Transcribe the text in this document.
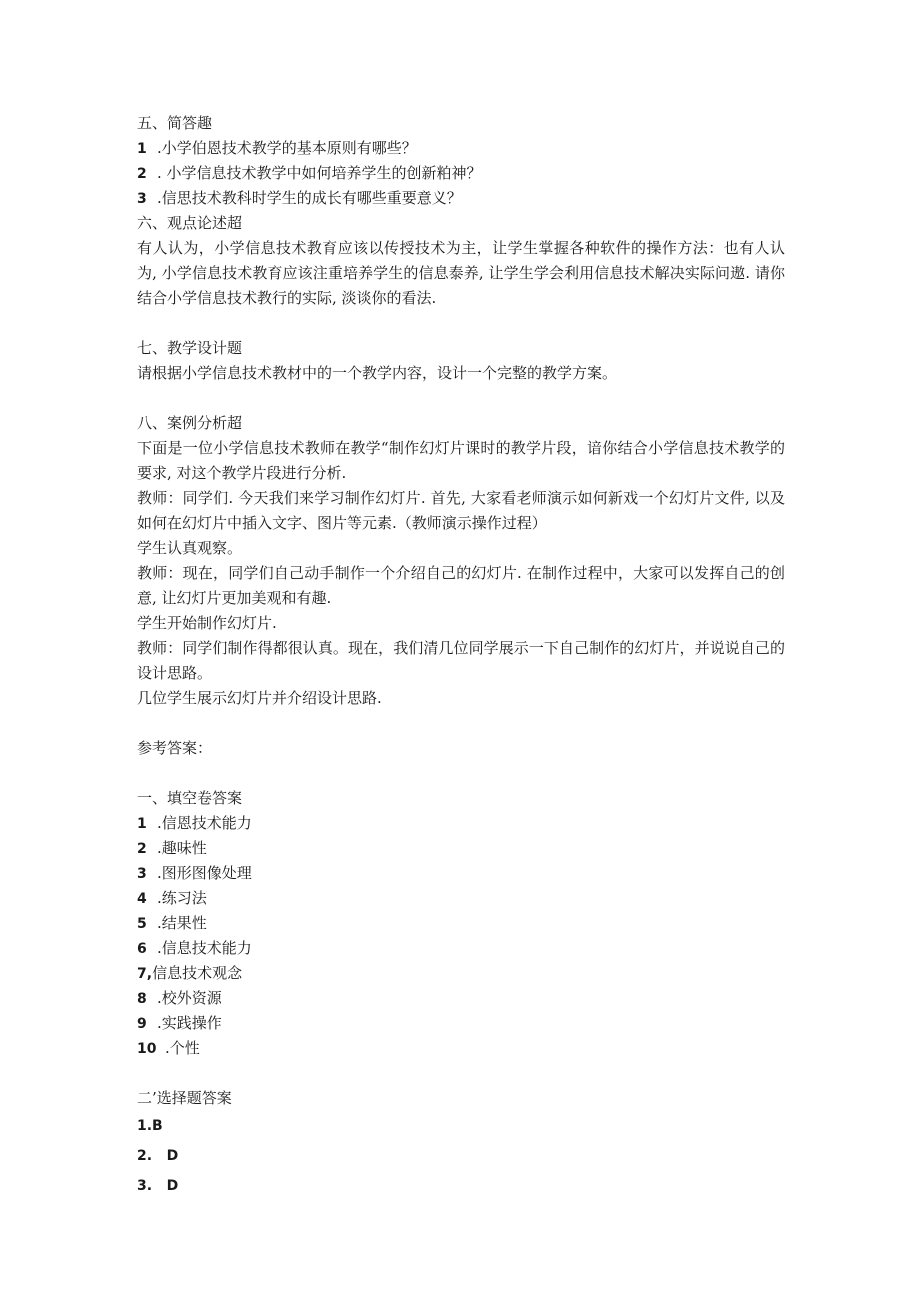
五、简答趣
1 .小学伯恩技术教学的基本原则有哪些？
2 . 小学信息技术教学中如何培养学生的创新粕神？
3 .信思技术教科时学生的成长有哪些重要意义？
六、观点论述超
有人认为，小学信息技术教育应该以传授技术为主，让学生掌握各种软件的操作方法：也有人认为, 小学信息技术教育应该注重培养学生的信息泰养, 让学生学会利用信息技术解决实际问遨. 请你结合小学信息技术教行的实际, 淡谈你的看法.
七、教学设计题
请根据小学信息技术教材中的一个教学内容，设计一个完整的教学方案。
八、案例分析超
下面是一位小学信息技术教师在教学“制作幻灯片课时的教学片段，谙你结合小学信息技术教学的要求, 对这个教学片段进行分析.
教师：同学们. 今天我们来学习制作幻灯片. 首先, 大家看老师演示如何新戏一个幻灯片文件, 以及如何在幻灯片中插入文字、图片等元素.（教师演示操作过程）
学生认真观察。
教师：现在，同学们自己动手制作一个介绍自己的幻灯片. 在制作过程中，大家可以发挥自己的创意, 让幻灯片更加美观和有趣.
学生开始制作幻灯片.
教师：同学们制作得都很认真。现在，我们清几位同学展示一下自己制作的幻灯片，并说说自己的设计思路。
几位学生展示幻灯片并介绍设计思路.
参考答案：
一、填空卷答案
1 .信恩技术能力
2 .趣味性
3 .图形图像处理
4 .练习法
5 .结果性
6 .信息技术能力
7,信息技术观念
8 .校外资源
9 .实践操作
10 .个性
二’选择题答案
1.B
2.   D
3.   D
